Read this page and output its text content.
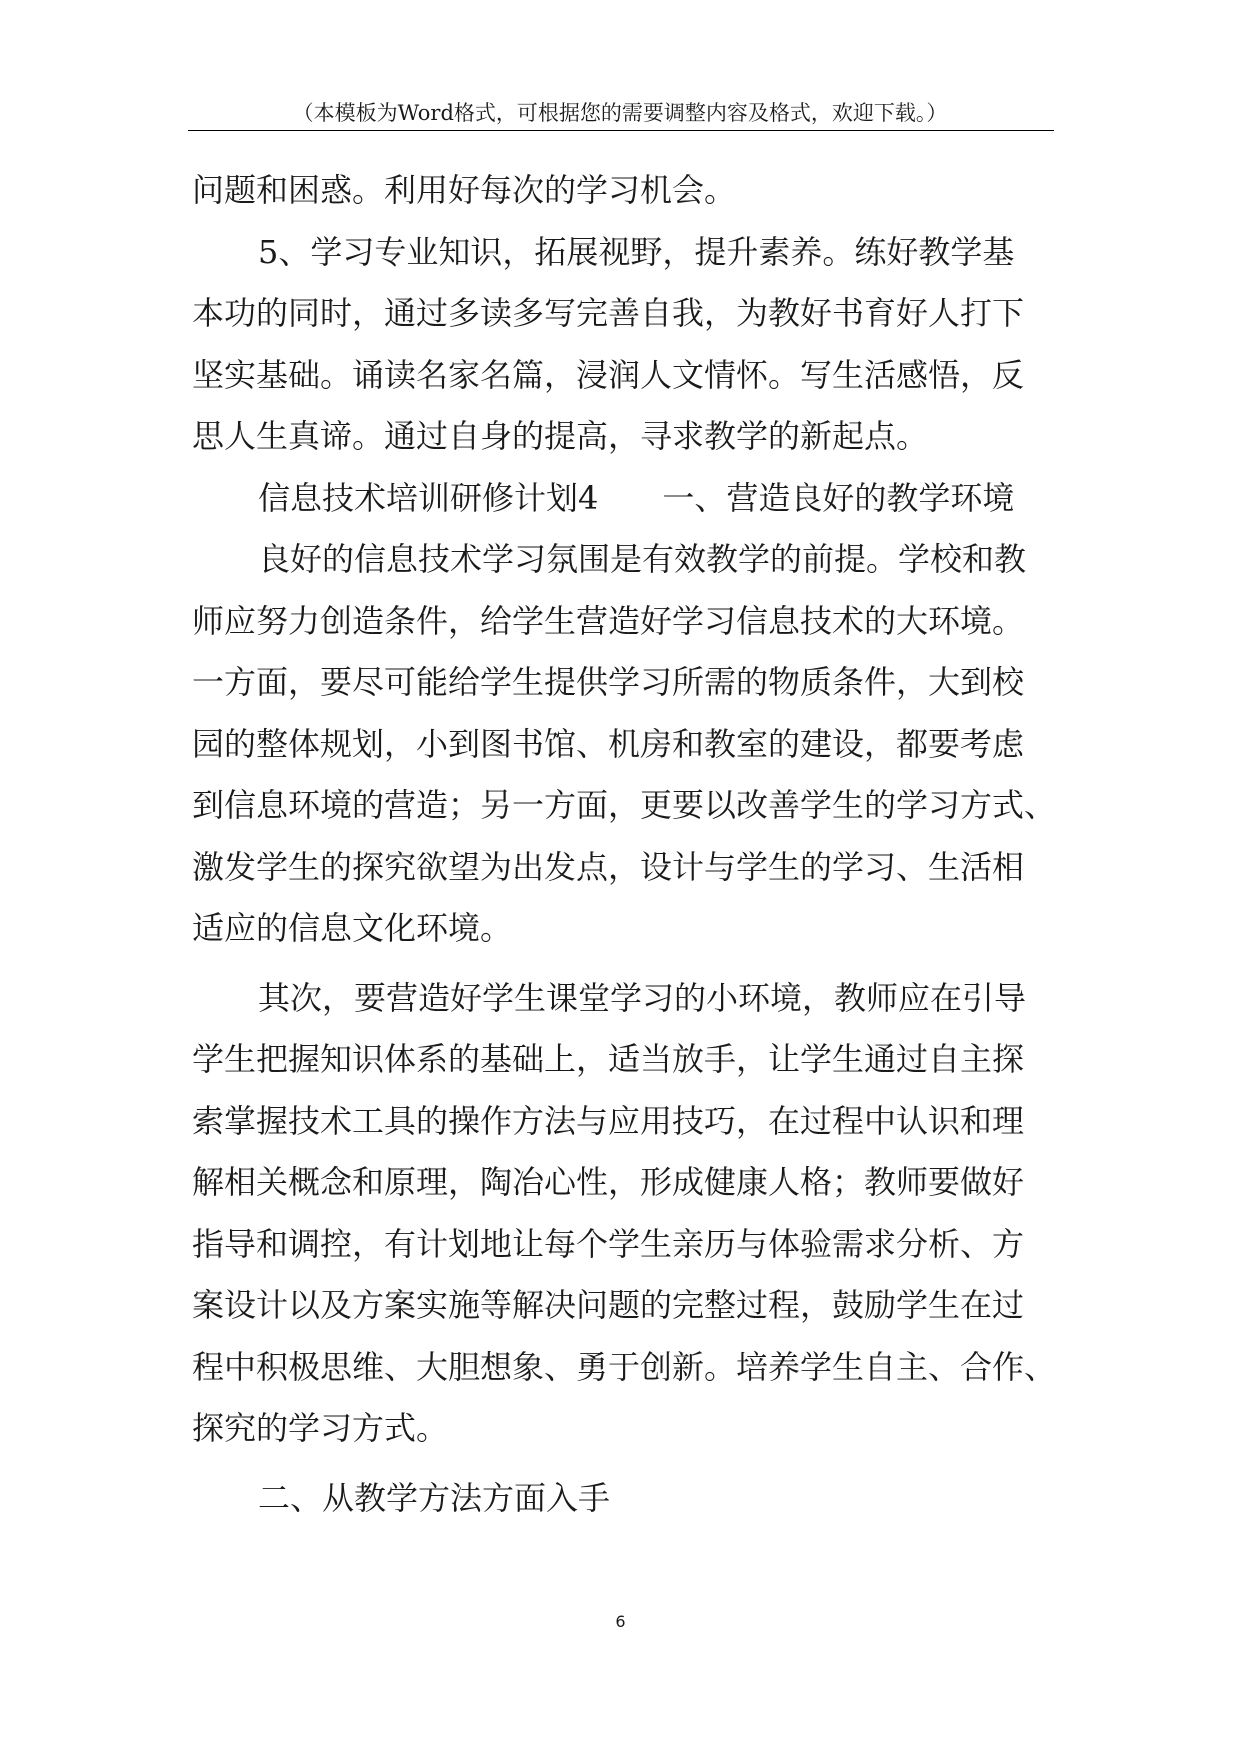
（本模板为Word格式，可根据您的需要调整内容及格式，欢迎下载。）
问题和困惑。利用好每次的学习机会。
5、学习专业知识，拓展视野，提升素养。练好教学基
本功的同时，通过多读多写完善自我，为教好书育好人打下
坚实基础。诵读名家名篇，浸润人文情怀。写生活感悟，反
思人生真谛。通过自身的提高，寻求教学的新起点。
信息技术培训研修计划4　　一、营造良好的教学环境
良好的信息技术学习氛围是有效教学的前提。学校和教
师应努力创造条件，给学生营造好学习信息技术的大环境。
一方面，要尽可能给学生提供学习所需的物质条件，大到校
园的整体规划，小到图书馆、机房和教室的建设，都要考虑
到信息环境的营造；另一方面，更要以改善学生的学习方式、
激发学生的探究欲望为出发点，设计与学生的学习、生活相
适应的信息文化环境。
其次，要营造好学生课堂学习的小环境，教师应在引导
学生把握知识体系的基础上，适当放手，让学生通过自主探
索掌握技术工具的操作方法与应用技巧，在过程中认识和理
解相关概念和原理，陶冶心性，形成健康人格；教师要做好
指导和调控，有计划地让每个学生亲历与体验需求分析、方
案设计以及方案实施等解决问题的完整过程，鼓励学生在过
程中积极思维、大胆想象、勇于创新。培养学生自主、合作、
探究的学习方式。
二、从教学方法方面入手
6
